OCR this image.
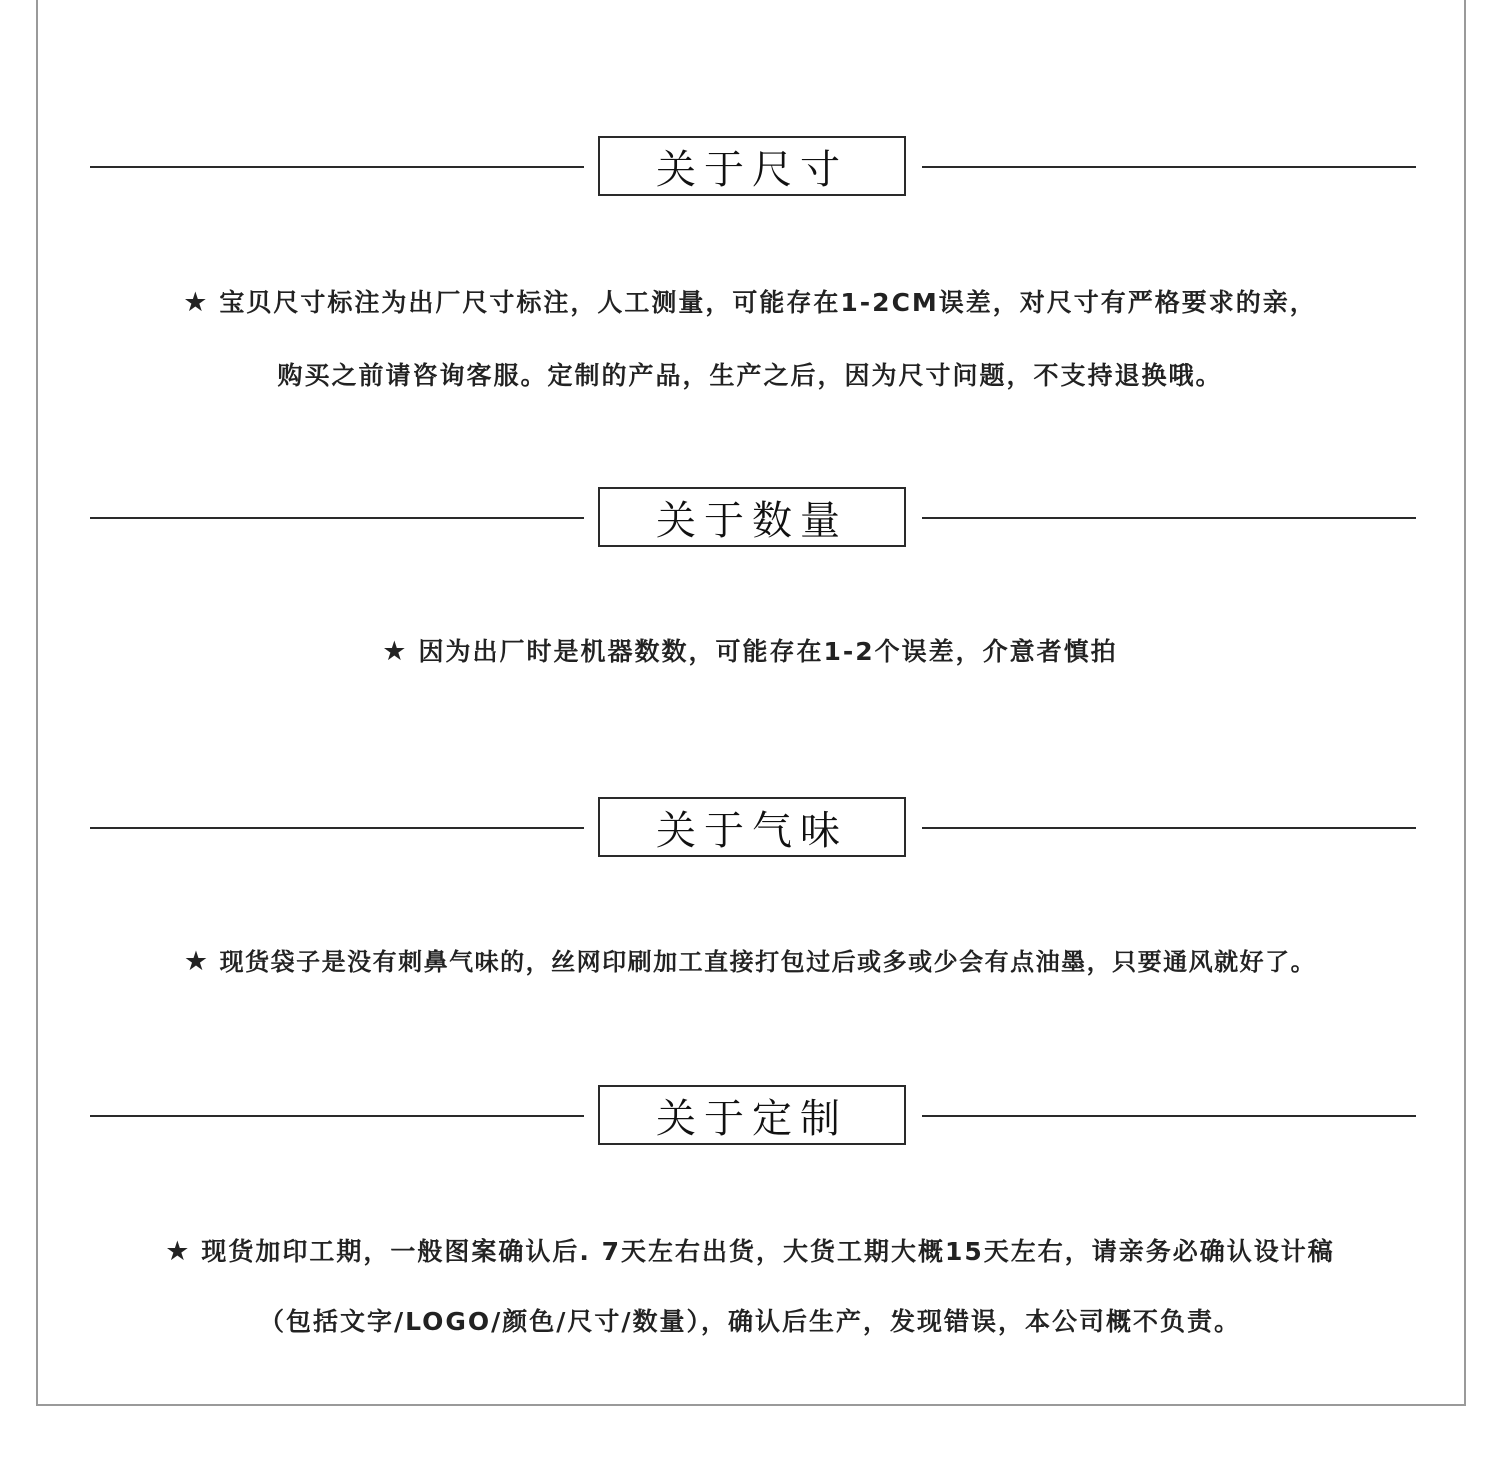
关于尺寸
★ 宝贝尺寸标注为出厂尺寸标注，人工测量，可能存在1-2CM误差，对尺寸有严格要求的亲，
购买之前请咨询客服。定制的产品，生产之后，因为尺寸问题，不支持退换哦。
关于数量
★ 因为出厂时是机器数数，可能存在1-2个误差，介意者慎拍
关于气味
★ 现货袋子是没有刺鼻气味的，丝网印刷加工直接打包过后或多或少会有点油墨，只要通风就好了。
关于定制
★ 现货加印工期，一般图案确认后. 7天左右出货，大货工期大概15天左右，请亲务必确认设计稿
（包括文字/LOGO/颜色/尺寸/数量），确认后生产，发现错误，本公司概不负责。
